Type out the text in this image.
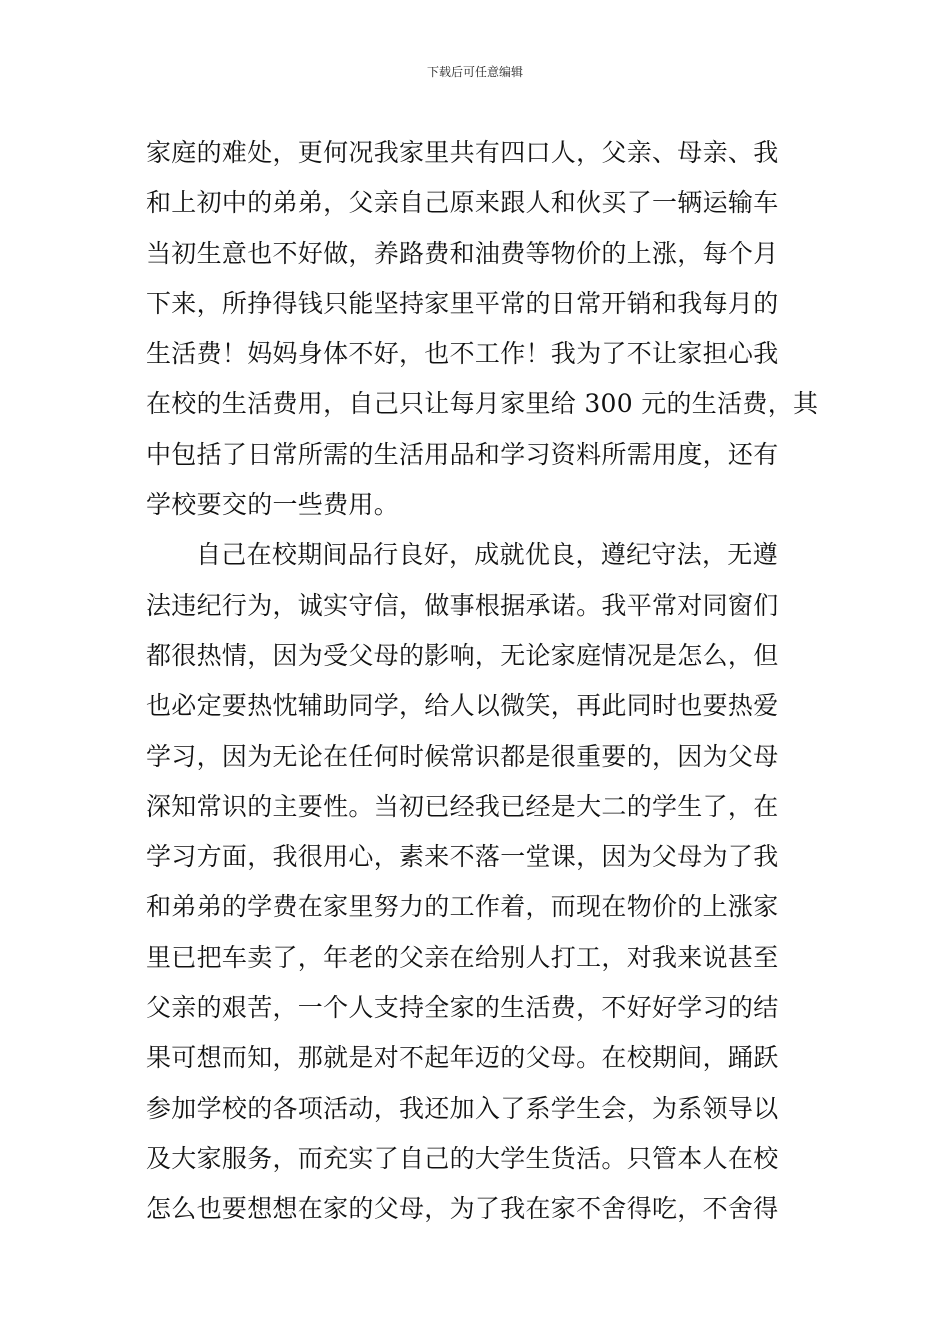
下载后可任意编辑
家庭的难处，更何况我家里共有四口人，父亲、母亲、我
和上初中的弟弟，父亲自己原来跟人和伙买了一辆运输车
当初生意也不好做，养路费和油费等物价的上涨，每个月
下来，所挣得钱只能坚持家里平常的日常开销和我每月的
生活费！妈妈身体不好，也不工作！我为了不让家担心我
在校的生活费用，自己只让每月家里给 300 元的生活费，其
中包括了日常所需的生活用品和学习资料所需用度，还有
学校要交的一些费用。
自己在校期间品行良好，成就优良，遵纪守法，无遵
法违纪行为，诚实守信，做事根据承诺。我平常对同窗们
都很热情，因为受父母的影响，无论家庭情况是怎么，但
也必定要热忱辅助同学，给人以微笑，再此同时也要热爱
学习，因为无论在任何时候常识都是很重要的，因为父母
深知常识的主要性。当初已经我已经是大二的学生了，在
学习方面，我很用心，素来不落一堂课，因为父母为了我
和弟弟的学费在家里努力的工作着，而现在物价的上涨家
里已把车卖了，年老的父亲在给别人打工，对我来说甚至
父亲的艰苦，一个人支持全家的生活费，不好好学习的结
果可想而知，那就是对不起年迈的父母。在校期间，踊跃
参加学校的各项活动，我还加入了系学生会，为系领导以
及大家服务，而充实了自己的大学生货活。只管本人在校
怎么也要想想在家的父母，为了我在家不舍得吃，不舍得
